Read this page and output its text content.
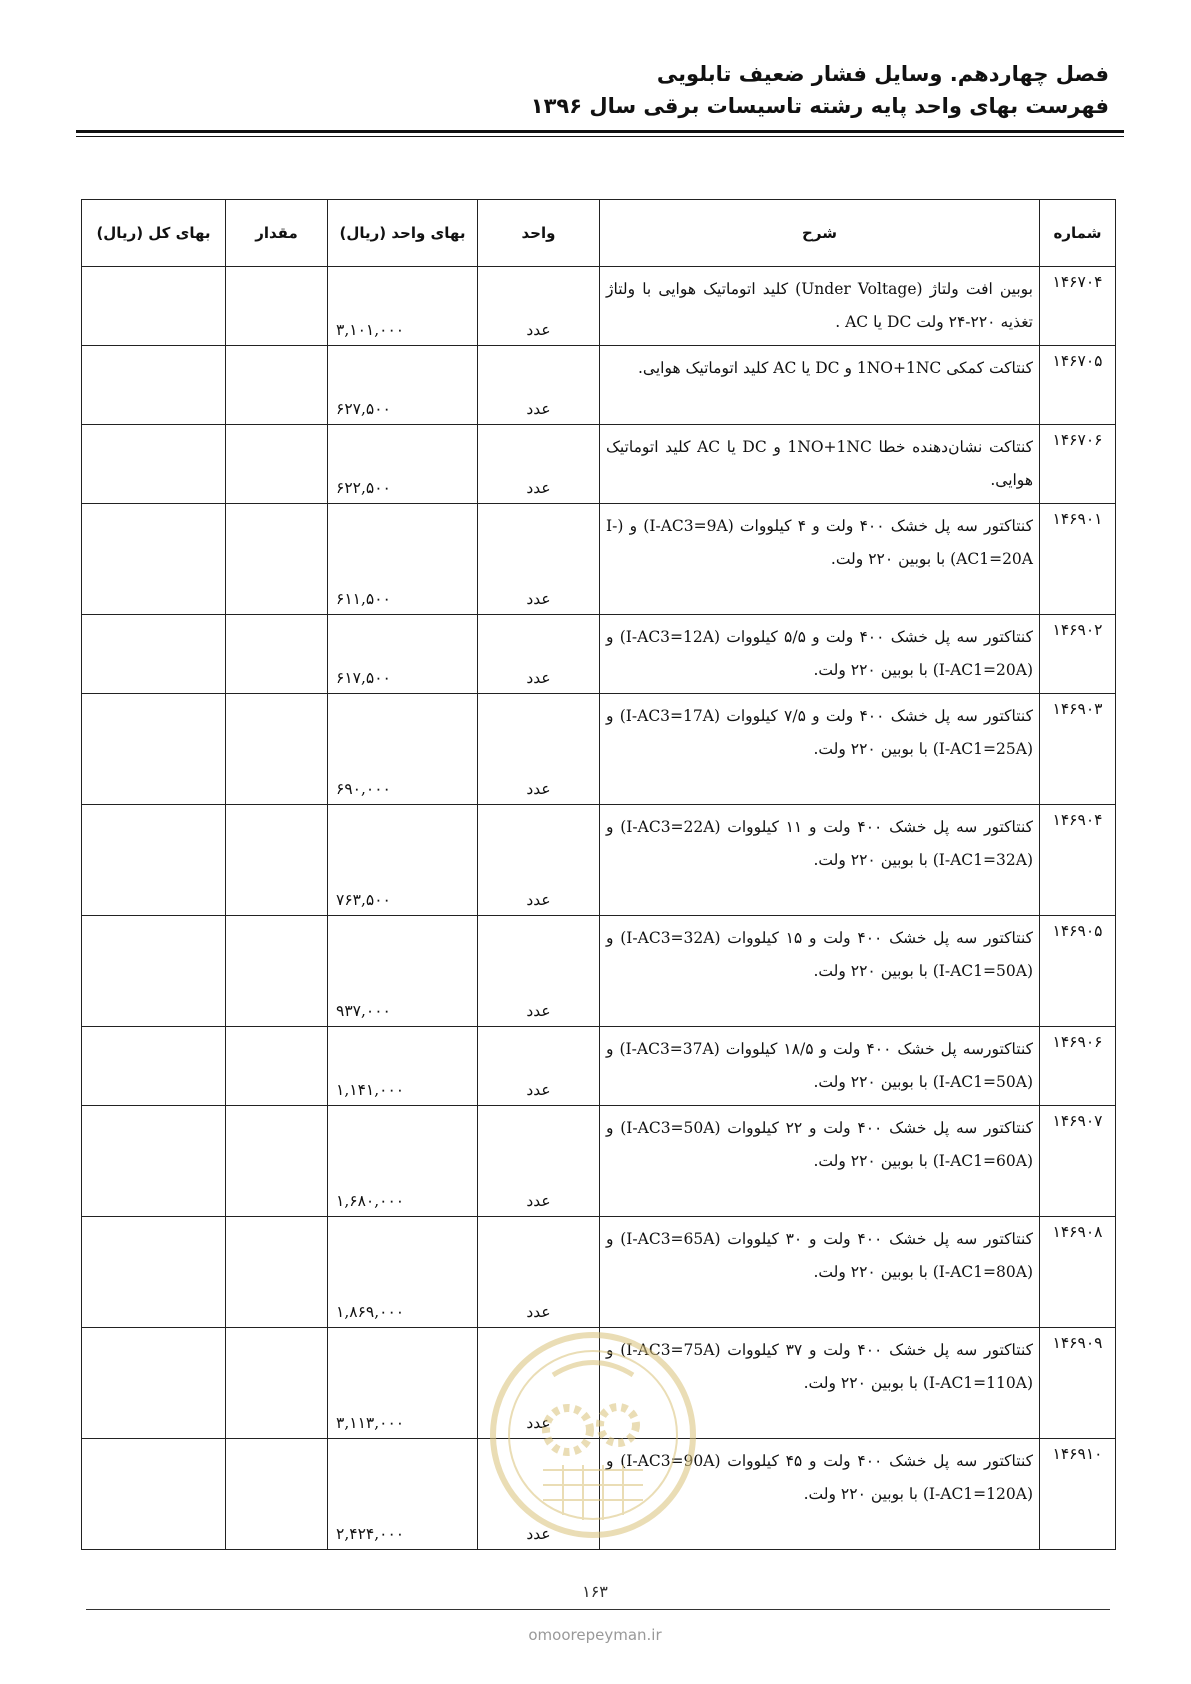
فصل چهاردهم. وسایل فشار ضعیف تابلویی
فهرست بهای واحد پایه رشته تاسیسات برقی سال ۱۳۹۶
شماره	شرح	واحد	بهای واحد (ریال)	مقدار	بهای کل (ریال)
۱۴۶۷۰۴	بوبین افت ولتاژ (Under Voltage) کلید اتوماتیک هوایی با ولتاژ تغذیه ۲۲۰-۲۴ ولت DC یا AC .	عدد	۳,۱۰۱,۰۰۰		
۱۴۶۷۰۵	کنتاکت کمکی 1NO+1NC و DC یا AC کلید اتوماتیک هوایی.	عدد	۶۲۷,۵۰۰		
۱۴۶۷۰۶	کنتاکت نشان‌دهنده خطا 1NO+1NC و DC یا AC کلید اتوماتیک هوایی.	عدد	۶۲۲,۵۰۰		
۱۴۶۹۰۱	کنتاکتور سه پل خشک ۴۰۰ ولت و ۴ کیلووات (I-AC3=9A) و (I-AC1=20A) با بوبین ۲۲۰ ولت.	عدد	۶۱۱,۵۰۰		
۱۴۶۹۰۲	کنتاکتور سه پل خشک ۴۰۰ ولت و ۵/۵ کیلووات (I-AC3=12A) و (I-AC1=20A) با بوبین ۲۲۰ ولت.	عدد	۶۱۷,۵۰۰		
۱۴۶۹۰۳	کنتاکتور سه پل خشک ۴۰۰ ولت و ۷/۵ کیلووات (I-AC3=17A) و (I-AC1=25A) با بوبین ۲۲۰ ولت.	عدد	۶۹۰,۰۰۰		
۱۴۶۹۰۴	کنتاکتور سه پل خشک ۴۰۰ ولت و ۱۱ کیلووات (I-AC3=22A) و (I-AC1=32A) با بوبین ۲۲۰ ولت.	عدد	۷۶۳,۵۰۰		
۱۴۶۹۰۵	کنتاکتور سه پل خشک ۴۰۰ ولت و ۱۵ کیلووات (I-AC3=32A) و (I-AC1=50A) با بوبین ۲۲۰ ولت.	عدد	۹۳۷,۰۰۰		
۱۴۶۹۰۶	کنتاکتورسه پل خشک ۴۰۰ ولت و ۱۸/۵ کیلووات (I-AC3=37A) و (I-AC1=50A) با بوبین ۲۲۰ ولت.	عدد	۱,۱۴۱,۰۰۰		
۱۴۶۹۰۷	کنتاکتور سه پل خشک ۴۰۰ ولت و ۲۲ کیلووات (I-AC3=50A) و (I-AC1=60A) با بوبین ۲۲۰ ولت.	عدد	۱,۶۸۰,۰۰۰		
۱۴۶۹۰۸	کنتاکتور سه پل خشک ۴۰۰ ولت و ۳۰ کیلووات (I-AC3=65A) و (I-AC1=80A) با بوبین ۲۲۰ ولت.	عدد	۱,۸۶۹,۰۰۰		
۱۴۶۹۰۹	کنتاکتور سه پل خشک ۴۰۰ ولت و ۳۷ کیلووات (I-AC3=75A) و (I-AC1=110A) با بوبین ۲۲۰ ولت.	عدد	۳,۱۱۳,۰۰۰		
۱۴۶۹۱۰	کنتاکتور سه پل خشک ۴۰۰ ولت و ۴۵ کیلووات (I-AC3=90A) و (I-AC1=120A) با بوبین ۲۲۰ ولت.	عدد	۲,۴۲۴,۰۰۰		
۱۶۳
omoorepeyman.ir
